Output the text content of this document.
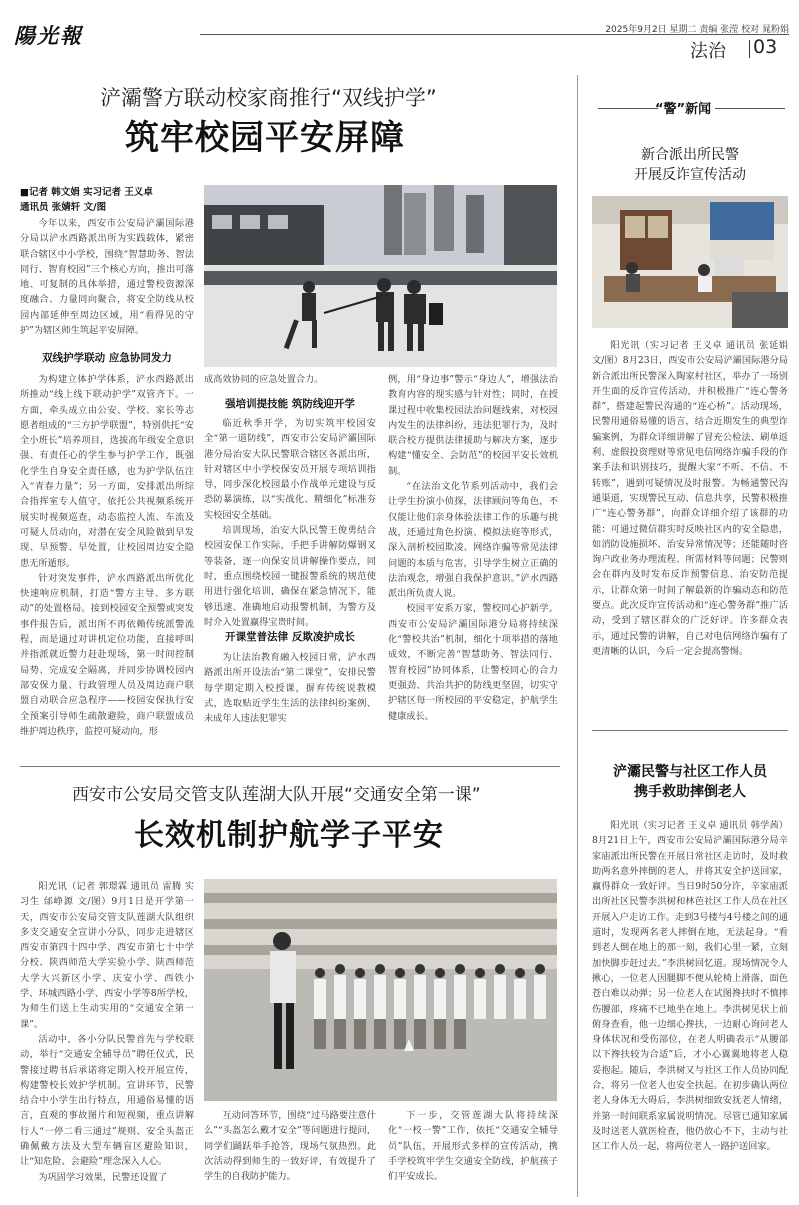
陽光報	2025年9月2日 星期二 责编 张滢 校对 晁粉娟
法治 03
浐灞警方联动校家商推行“双线护学”
筑牢校园平安屏障
■记者 韩文娟 实习记者 王义卓
通讯员 张婧轩 文/图

今年以来，西安市公安局浐灞国际港分局以浐水西路派出所为实践载体，紧密联合辖区中小学校，围绕“智慧助务、智法同行、智育校园”三个核心方向，推出可落地、可复制的具体举措，通过警校资源深度融合、力量同向聚合，将安全防线从校园内部延伸至周边区域，用“看得见的守护”为辖区师生筑起平安屏障。

双线护学联动 应急协同发力

为构建立体护学体系，浐水西路派出所推动“线上线下联动护学”双管齐下。一方面，牵头成立由公安、学校、家长等志愿者组成的“三方护学联盟”，特别供托“安全小班长”培养项目，选拔高年级安全意识强、有责任心的学生参与护学工作，既强化学生自身安全责任感，也为护学队伍注入“青春力量”；另一方面，安排派出所综合指挥室专人值守，依托公共视频系统开展实时视频巡查，动态监控人流、车流及可疑人员动向，对潜在安全风险做到早发现、早预警、早处置，让校园周边安全隐患无所遁形。

针对突发事件，浐水西路派出所优化快速响应机制，打造“警方主导、多方联动”的处置格局。接到校园安全预警或突发事件报告后，派出所不再依赖传统派警流程，而是通过对讲机定位功能，直接呼叫并指派就近警力赶赴现场，第一时间控制局势、完成安全隔离，并同步协调校园内部安保力量、行政管理人员及周边商户联盟自动联合应急程序——校园安保执行安全预案引导师生疏散避险，商户联盟成员维护周边秩序，监控可疑动向，形

成高效协同的应急处置合力。

强培训提技能 筑防线迎开学

临近秋季开学，为切实筑牢校园安全“第一道防线”，西安市公安局浐灞国际港分局治安大队民警联合辖区各派出所，针对辖区中小学校保安员开展专项培训指导，同步深化校园最小作战单元建设与反恐防暴演练，以“实战化、精细化”标准夯实校园安全基础。

培训现场，治安大队民警王俊勇结合校园安保工作实际，手把手讲解防爆钢叉等装备，逐一向保安员讲解操作要点，同时，重点围绕校园一键报警系统的规范使用进行强化培训，确保在紧急情况下，能够迅速、准确地启动报警机制，为警方及时介入处置赢得宝贵时间。

开课堂普法律 反欺凌护成长

为让法治教育融入校园日常，浐水西路派出所开设法治“第二课堂”，安排民警每学期定期入校授课，摒弃传统说教模式，选取贴近学生生活的法律纠纷案例、未成年人违法犯罪实

例，用“身边事”警示“身边人”，增强法治教育内容的现实感与针对性；同时，在授课过程中收集校园法治问题线索，对校园内发生的法律纠纷，违法犯罪行为，及时联合校方提供法律援助与解决方案，逐步构建“懂安全、会防范”的校园平安长效机制。

“在法治文化节系列活动中，我们会让学生扮演小侦探，法律顾问等角色，不仅能让他们亲身体验法律工作的乐趣与挑战，还通过角色扮演、模拟法庭等形式，深入剖析校园欺凌、网络诈骗等常见法律问题的本质与危害，引导学生树立正确的法治观念，增强自我保护意识。”浐水西路派出所负责人说。

校园平安系万家，警校同心护新学。西安市公安局浐灞国际港分局将持续深化“警校共治”机制，细化十项举措的落地成效，不断完善“智慧助务、智法同行、智育校园”协同体系，让警校同心的合力更强劲、共治共护的防线更坚固，切实守护辖区每一所校园的平安稳定，护航学生健康成长。

西安市公安局交管支队莲湖大队开展“交通安全第一课”
长效机制护航学子平安

阳光讯（记者 郭璟霖 通讯员 雷腾 实习生 邰峥源 文/图）9月1日是开学第一天，西安市公安局交管支队莲湖大队组织多支交通安全宣讲小分队，同步走进辖区西安市第四十四中学、西安市第七十中学分校、陕西师范大学实验小学、陕西师范大学大兴新区小学、庆安小学、西铁小学、环城西路小学、西安小学等8所学校，为师生们送上生动实用的“交通安全第一课”。

活动中，各小分队民警首先与学校联动，举行“交通安全辅导员”聘任仪式，民警接过聘书后承诺将定期入校开展宣传，构建警校长效护学机制。宣讲环节，民警结合中小学生出行特点，用通俗易懂的语言，直观的事故图片和短视频，重点讲解行人“一停二看三通过”规则、安全头盔正确佩戴方法及大型车辆盲区避险知识，让“知危险、会避险”理念深入人心。

为巩固学习效果，民警还设置了

互动问答环节，围绕“过马路要注意什么”“头盔怎么戴才安全”等问题进行提问，同学们踊跃举手抢答，现场气氛热烈。此次活动得到师生的一致好评，有效提升了学生的自我防护能力。

下一步，交管莲湖大队将持续深化“一校一警”工作，依托“交通安全辅导员”队伍，开展形式多样的宣传活动，携手学校筑牢学生交通安全防线，护航孩子们平安成长。

“警”新闻
新合派出所民警
开展反诈宣传活动

阳光讯（实习记者 王义卓 通讯员 张延娟 文/图）8月23日，西安市公安局浐灞国际港分局新合派出所民警深入陶家村社区，举办了一场别开生面的反诈宣传活动，并积极推广“连心警务群”，搭建起警民沟通的“连心桥”。活动现场，民警用通俗易懂的语言，结合近期发生的典型诈骗案例，为群众详细讲解了冒充公检法、刷单返利、虚假投资理财等常见电信网络诈骗手段的作案手法和识别技巧，提醒大家“不听、不信、不转账”，遇到可疑情况及时报警。为畅通警民沟通渠道，实现警民互动、信息共享，民警积极推广“连心警务群”，向群众详细介绍了该群的功能：可通过微信群实时反映社区内的安全隐患，如消防设施损坏、治安异常情况等；还能随时咨询户政业务办理流程、所需材料等问题；民警则会在群内及时发布反诈预警信息、治安防范提示，让群众第一时间了解最新的诈骗动态和防范要点。此次反诈宣传活动和“连心警务群”推广活动，受到了辖区群众的广泛好评。许多群众表示，通过民警的讲解，自己对电信网络诈骗有了更清晰的认识，今后一定会提高警惕。

浐灞民警与社区工作人员
携手救助摔倒老人

阳光讯（实习记者 王义卓 通讯员 韩学茜）8月21日上午，西安市公安局浐灞国际港分局辛家庙派出所民警在开展日常社区走访时，及时救助两名意外摔倒的老人，并将其安全护送回家，赢得群众一致好评。当日9时50分许，辛家庙派出所社区民警李洪树和林芭社区工作人员在社区开展入户走访工作。走到3号楼与4号楼之间的通道时，发现两名老人摔倒在地，无法起身。“看到老人倒在地上的那一刻，我们心里一紧，立刻加快脚步赶过去。”李洪树回忆道。现场情况令人揪心，一位老人因腿脚不便从轮椅上滑落，面色苍白难以动弹；另一位老人在试图搀扶时不慎摔伤腰部，疼痛不已地坐在地上。李洪树见状上前俯身查看，他一边细心搀扶，一边耐心询问老人身体状况和受伤部位，在老人明确表示“从腰部以下搀扶较为合适”后，才小心翼翼地将老人稳妥抱起。随后，李洪树又与社区工作人员协同配合，将另一位老人也安全扶起。在初步确认两位老人身体无大碍后，李洪树细致安抚老人情绪，并第一时间联系家属说明情况。尽管已通知家属及时送老人就医检查，他仍放心不下，主动与社区工作人员一起，将两位老人一路护送回家。
